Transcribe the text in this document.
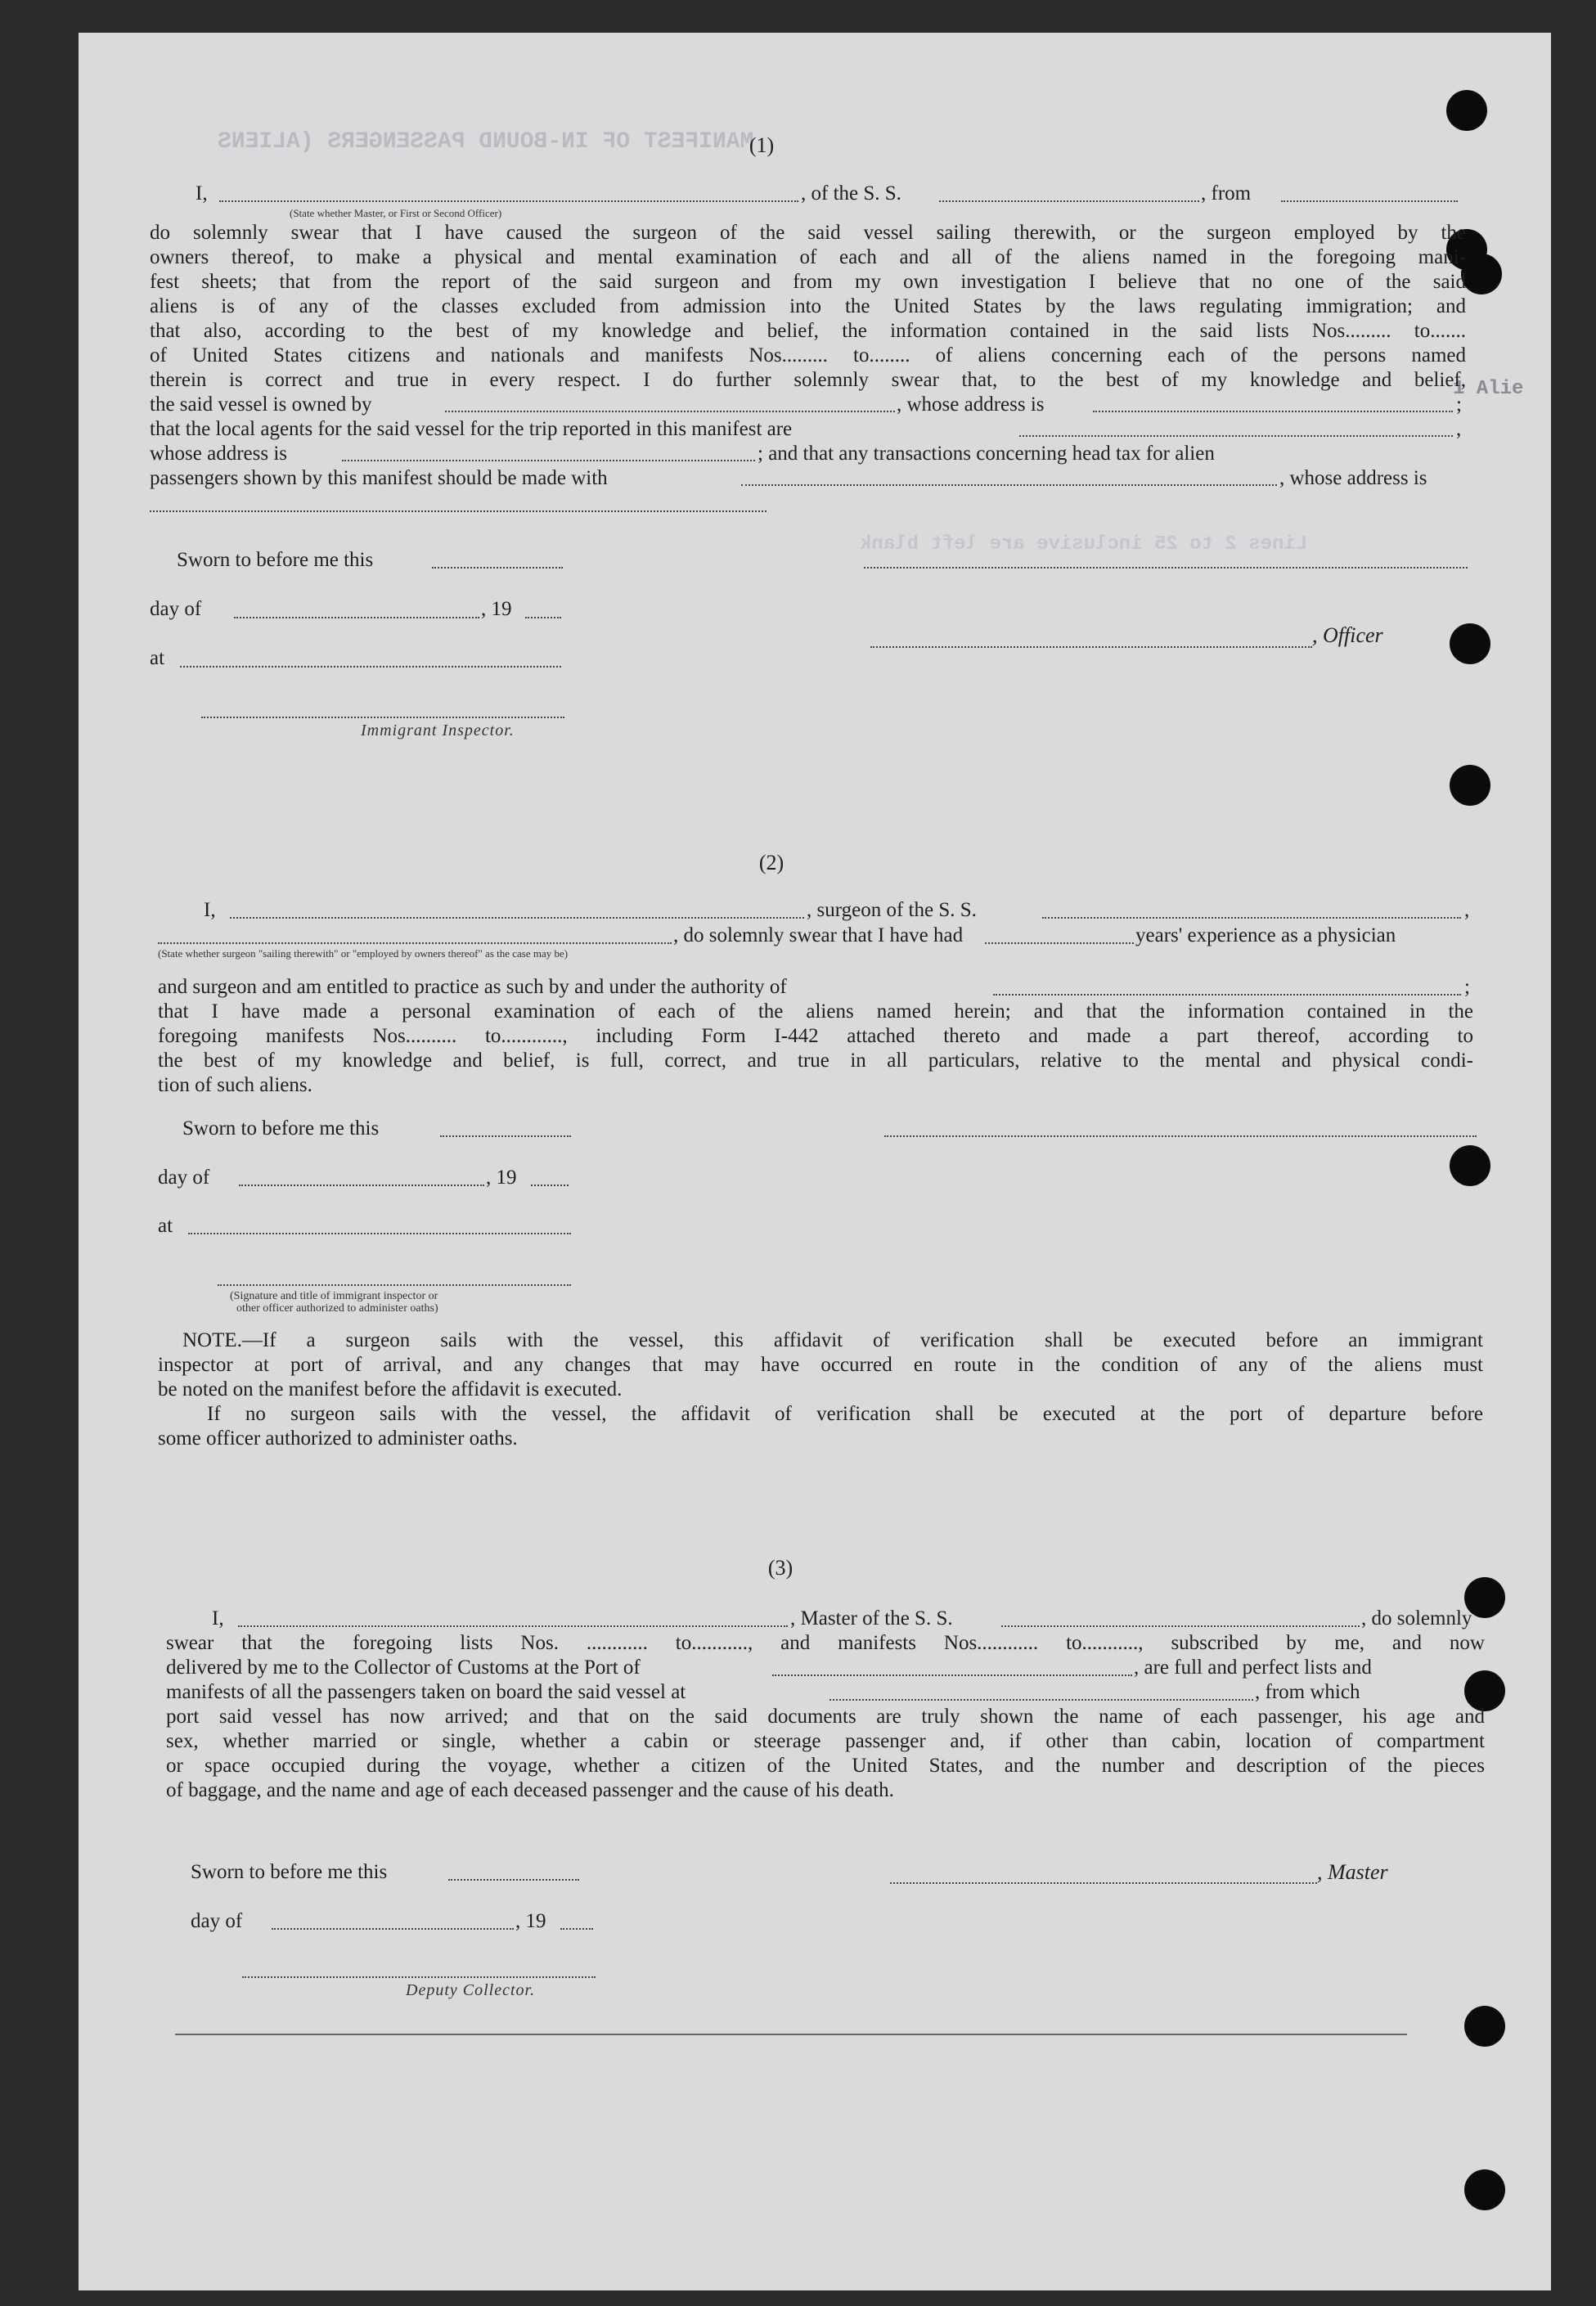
MANIFEST OF IN-BOUND PASSENGERS (ALIENS
Lines 2 to 25 inclusive are left blank
1 Alie
(1)
I,	, of the S. S.	, from
(State whether Master, or First or Second Officer)
do solemnly swear that I have caused the surgeon of the said vessel sailing therewith, or the surgeon employed by the
owners thereof, to make a physical and mental examination of each and all of the aliens named in the foregoing mani-
fest sheets; that from the report of the said surgeon and from my own investigation I believe that no one of the said
aliens is of any of the classes excluded from admission into the United States by the laws regulating immigration; and
that also, according to the best of my knowledge and belief, the information contained in the said lists Nos......... to.......
of United States citizens and nationals and manifests Nos......... to........ of aliens concerning each of the persons named
therein is correct and true in every respect. I do further solemnly swear that, to the best of my knowledge and belief,
the said vessel is owned by	, whose address is	;
that the local agents for the said vessel for the trip reported in this manifest are	,
whose address is	; and that any transactions concerning head tax for alien
passengers shown by this manifest should be made with	, whose address is
Sworn to before me this
day of	, 19
, Officer
at
Immigrant Inspector.
(2)
I,	, surgeon of the S. S.	,
, do solemnly swear that I have had	years' experience as a physician
(State whether surgeon "sailing therewith" or "employed by owners thereof" as the case may be)
and surgeon and am entitled to practice as such by and under the authority of	;
that I have made a personal examination of each of the aliens named herein; and that the information contained in the
foregoing manifests Nos.......... to............, including Form I-442 attached thereto and made a part thereof, according to
the best of my knowledge and belief, is full, correct, and true in all particulars, relative to the mental and physical condi-
tion of such aliens.
Sworn to before me this
day of	, 19
at
(Signature and title of immigrant inspector or
other officer authorized to administer oaths)
NOTE.—If a surgeon sails with the vessel, this affidavit of verification shall be executed before an immigrant
inspector at port of arrival, and any changes that may have occurred en route in the condition of any of the aliens must
be noted on the manifest before the affidavit is executed.
If no surgeon sails with the vessel, the affidavit of verification shall be executed at the port of departure before
some officer authorized to administer oaths.
(3)
I,	, Master of the S. S.	, do solemnly
swear that the foregoing lists Nos. ............ to..........., and manifests Nos............ to..........., subscribed by me, and now
delivered by me to the Collector of Customs at the Port of	, are full and perfect lists and
manifests of all the passengers taken on board the said vessel at	, from which
port said vessel has now arrived; and that on the said documents are truly shown the name of each passenger, his age and
sex, whether married or single, whether a cabin or steerage passenger and, if other than cabin, location of compartment
or space occupied during the voyage, whether a citizen of the United States, and the number and description of the pieces
of baggage, and the name and age of each deceased passenger and the cause of his death.
Sworn to before me this	, Master
day of	, 19
Deputy Collector.
